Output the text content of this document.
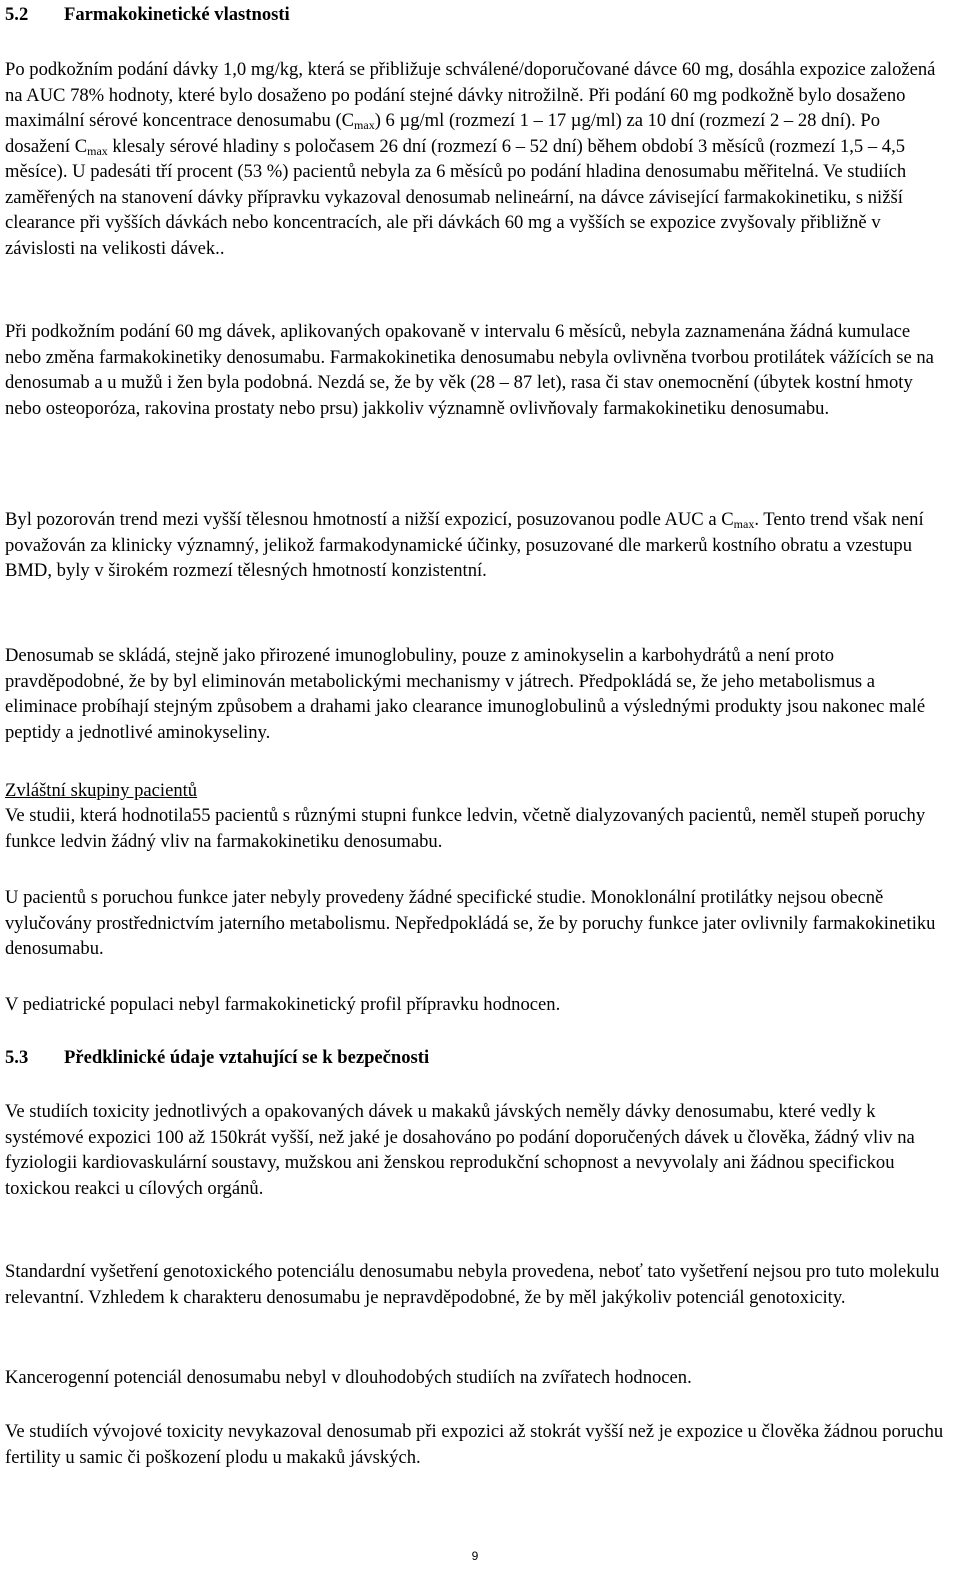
5.2	Farmakokinetické vlastnosti

Po podkožním podání dávky 1,0 mg/kg, která se přibližuje schválené/doporučované dávce 60 mg, dosáhla expozice založená na AUC 78% hodnoty, které bylo dosaženo po podání stejné dávky nitrožilně. Při podání 60 mg podkožně bylo dosaženo maximální sérové koncentrace denosumabu $(C_{max})$ 6 µg/ml (rozmezí 1 – 17 µg/ml) za 10 dní (rozmezí 2 – 28 dní). Po dosažení $C_{max}$ klesaly sérové hladiny s poločasem 26 dní (rozmezí 6 – 52 dní) během období 3 měsíců (rozmezí 1,5 – 4,5 měsíce). U padesáti tří procent (53 %) pacientů nebyla za 6 měsíců po podání hladina denosumabu měřitelná. Ve studiích zaměřených na stanovení dávky přípravku vykazoval denosumab nelineární, na dávce závisející farmakokinetiku, s nižší clearance při vyšších dávkách nebo koncentracích, ale při dávkách 60 mg a vyšších se expozice zvyšovaly přibližně v závislosti na velikosti dávek..

Při podkožním podání 60 mg dávek, aplikovaných opakovaně v intervalu 6 měsíců, nebyla zaznamenána žádná kumulace nebo změna farmakokinetiky denosumabu. Farmakokinetika denosumabu nebyla ovlivněna tvorbou protilátek vážících se na denosumab a u mužů i žen byla podobná. Nezdá se, že by věk (28 – 87 let), rasa či stav onemocnění (úbytek kostní hmoty nebo osteoporóza, rakovina prostaty nebo prsu) jakkoliv významně ovlivňovaly farmakokinetiku denosumabu.

Byl pozorován trend mezi vyšší tělesnou hmotností a nižší expozicí, posuzovanou podle AUC a $C_{max}$. Tento trend však není považován za klinicky významný, jelikož farmakodynamické účinky, posuzované dle markerů kostního obratu a vzestupu BMD, byly v širokém rozmezí tělesných hmotností konzistentní.

Denosumab se skládá, stejně jako přirozené imunoglobuliny, pouze z aminokyselin a karbohydrátů a není proto pravděpodobné, že by byl eliminován metabolickými mechanismy v játrech. Předpokládá se, že jeho metabolismus a eliminace probíhají stejným způsobem a drahami jako clearance imunoglobulinů a výslednými produkty jsou nakonec malé peptidy a jednotlivé aminokyseliny.

Zvláštní skupiny pacientů

Ve studii, která hodnotila55 pacientů s různými stupni funkce ledvin, včetně dialyzovaných pacientů, neměl stupeň poruchy funkce ledvin žádný vliv na farmakokinetiku denosumabu.

U pacientů s poruchou funkce jater nebyly provedeny žádné specifické studie. Monoklonální protilátky nejsou obecně vylučovány prostřednictvím jaterního metabolismu. Nepředpokládá se, že by poruchy funkce jater ovlivnily farmakokinetiku denosumabu.

V pediatrické populaci nebyl farmakokinetický profil přípravku hodnocen.

5.3	Předklinické údaje vztahující se k bezpečnosti

Ve studiích toxicity jednotlivých a opakovaných dávek u makaků jávských neměly dávky denosumabu, které vedly k systémové expozici 100 až 150krát vyšší, než jaké je dosahováno po podání doporučených dávek u člověka, žádný vliv na fyziologii kardiovaskulární soustavy, mužskou ani ženskou reprodukční schopnost a nevyvolaly ani žádnou specifickou toxickou reakci u cílových orgánů.

Standardní vyšetření genotoxického potenciálu denosumabu nebyla provedena, neboť tato vyšetření nejsou pro tuto molekulu relevantní. Vzhledem k charakteru denosumabu je nepravděpodobné, že by měl jakýkoliv potenciál genotoxicity.

Kancerogenní potenciál denosumabu nebyl v dlouhodobých studiích na zvířatech hodnocen.

Ve studiích vývojové toxicity nevykazoval denosumab při expozici až stokrát vyšší než je expozice u člověka žádnou poruchu fertility u samic či poškození plodu u makaků jávských.

9
